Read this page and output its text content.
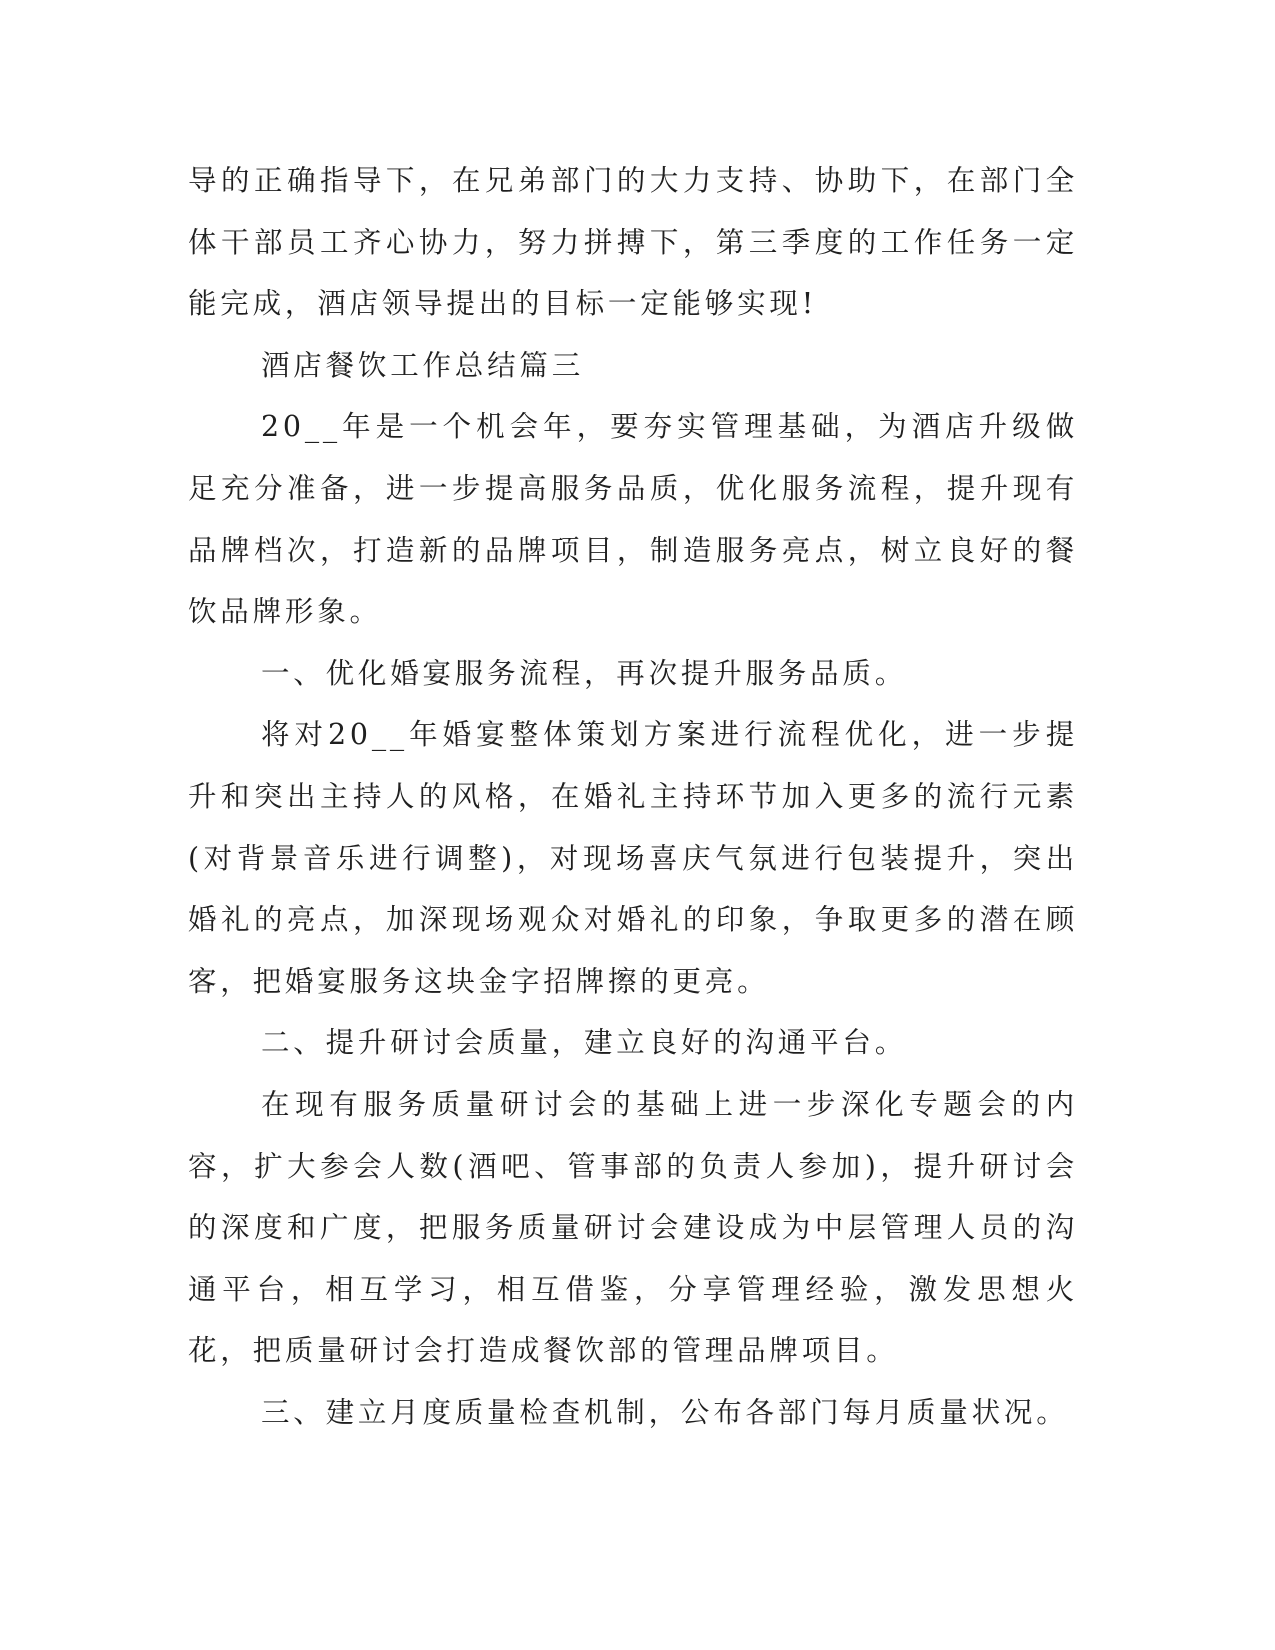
导的正确指导下，在兄弟部门的大力支持、协助下，在部门全体干部员工齐心协力，努力拼搏下，第三季度的工作任务一定能完成，酒店领导提出的目标一定能够实现!

酒店餐饮工作总结篇三

20__年是一个机会年，要夯实管理基础，为酒店升级做足充分准备，进一步提高服务品质，优化服务流程，提升现有品牌档次，打造新的品牌项目，制造服务亮点，树立良好的餐饮品牌形象。

一、优化婚宴服务流程，再次提升服务品质。

将对20__年婚宴整体策划方案进行流程优化，进一步提升和突出主持人的风格，在婚礼主持环节加入更多的流行元素(对背景音乐进行调整)，对现场喜庆气氛进行包装提升，突出婚礼的亮点，加深现场观众对婚礼的印象，争取更多的潜在顾客，把婚宴服务这块金字招牌擦的更亮。

二、提升研讨会质量，建立良好的沟通平台。

在现有服务质量研讨会的基础上进一步深化专题会的内容，扩大参会人数(酒吧、管事部的负责人参加)，提升研讨会的深度和广度，把服务质量研讨会建设成为中层管理人员的沟通平台，相互学习，相互借鉴，分享管理经验，激发思想火花，把质量研讨会打造成餐饮部的管理品牌项目。

三、建立月度质量检查机制，公布各部门每月质量状况。
